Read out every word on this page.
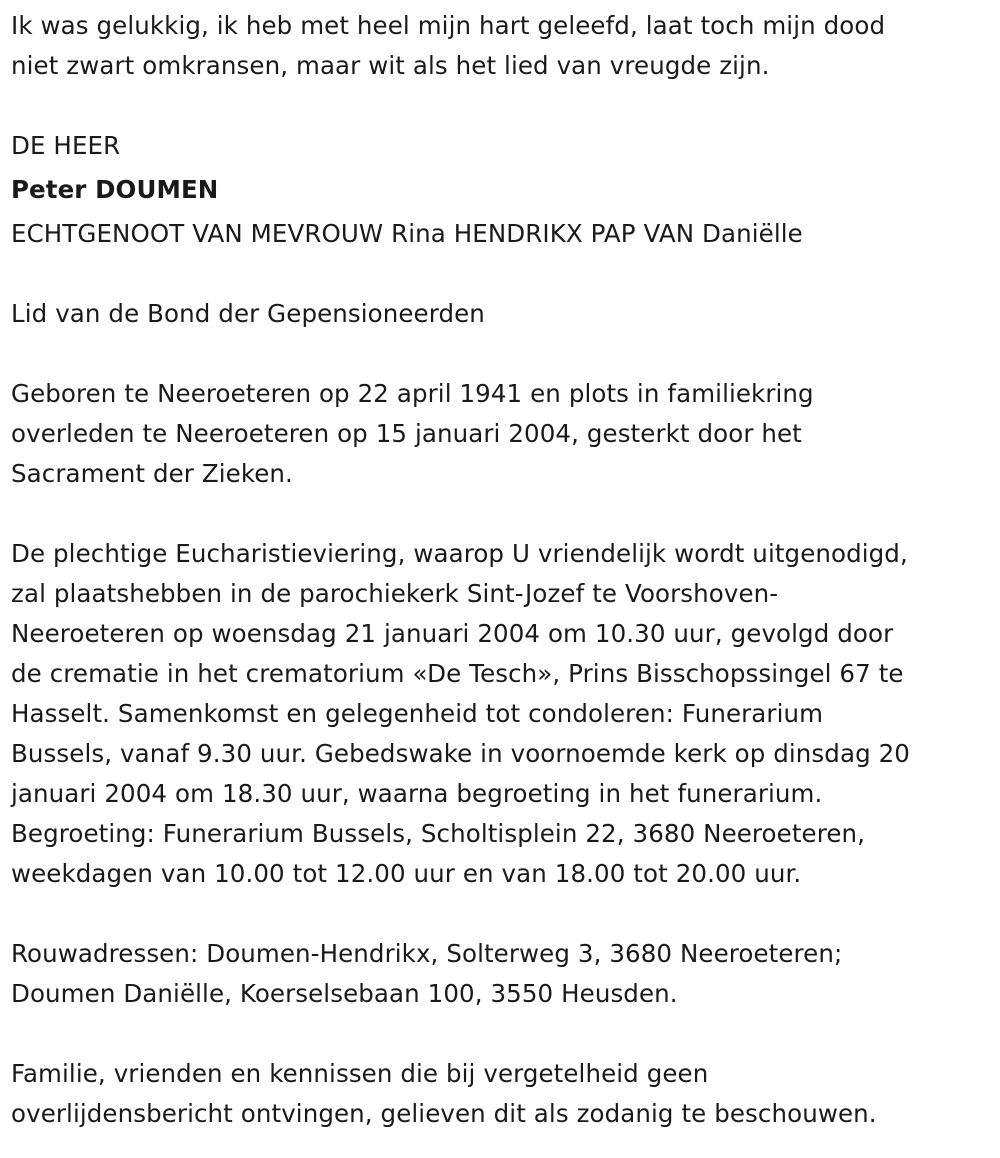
Ik was gelukkig, ik heb met heel mijn hart geleefd, laat toch mijn dood
niet zwart omkransen, maar wit als het lied van vreugde zijn.
DE HEER
Peter DOUMEN
ECHTGENOOT VAN MEVROUW Rina HENDRIKX PAP VAN Daniëlle
Lid van de Bond der Gepensioneerden
Geboren te Neeroeteren op 22 april 1941 en plots in familiekring
overleden te Neeroeteren op 15 januari 2004, gesterkt door het
Sacrament der Zieken.
De plechtige Eucharistieviering, waarop U vriendelijk wordt uitgenodigd,
zal plaatshebben in de parochiekerk Sint-Jozef te Voorshoven-
Neeroeteren op woensdag 21 januari 2004 om 10.30 uur, gevolgd door
de crematie in het crematorium «De Tesch», Prins Bisschopssingel 67 te
Hasselt. Samenkomst en gelegenheid tot condoleren: Funerarium
Bussels, vanaf 9.30 uur. Gebedswake in voornoemde kerk op dinsdag 20
januari 2004 om 18.30 uur, waarna begroeting in het funerarium.
Begroeting: Funerarium Bussels, Scholtisplein 22, 3680 Neeroeteren,
weekdagen van 10.00 tot 12.00 uur en van 18.00 tot 20.00 uur.
Rouwadressen: Doumen-Hendrikx, Solterweg 3, 3680 Neeroeteren;
Doumen Daniëlle, Koerselsebaan 100, 3550 Heusden.
Familie, vrienden en kennissen die bij vergetelheid geen
overlijdensbericht ontvingen, gelieven dit als zodanig te beschouwen.
